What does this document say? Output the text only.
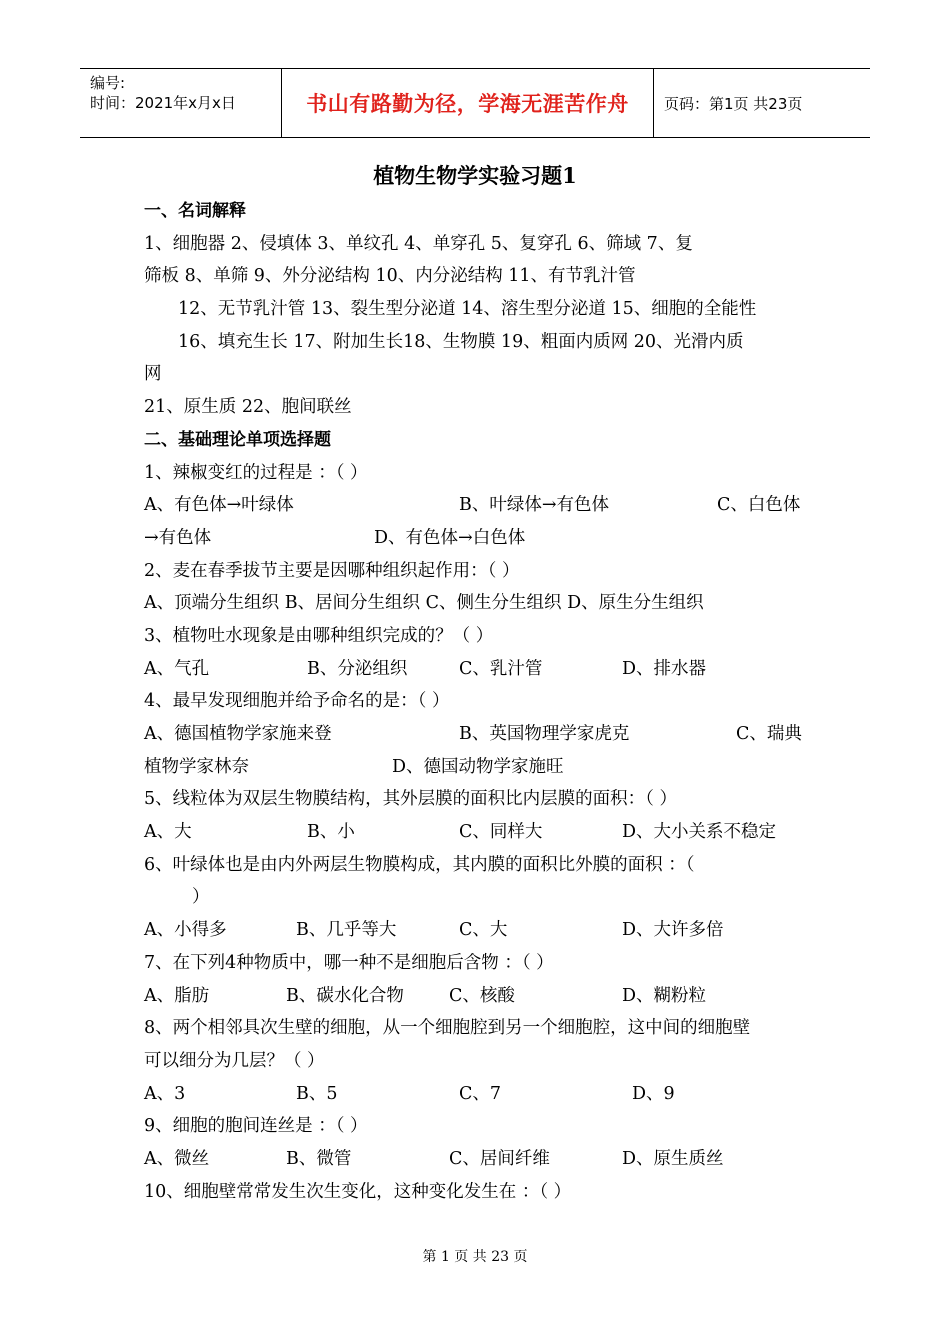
编号:
时间：2021年x月x日	书山有路勤为径，学海无涯苦作舟 页码：第1页 共23页
植物生物学实验习题1
一、名词解释
1、细胞器 2、侵填体 3、单纹孔 4、单穿孔 5、复穿孔 6、筛域 7、复
筛板 8、单筛 9、外分泌结构 10、内分泌结构 11、有节乳汁管
12、无节乳汁管 13、裂生型分泌道 14、溶生型分泌道 15、细胞的全能性
16、填充生长 17、附加生长18、生物膜 19、粗面内质网 20、光滑内质
网
21、原生质 22、胞间联丝
二、基础理论单项选择题
1、辣椒变红的过程是 ：（ ）
A、有色体→叶绿体	B、叶绿体→有色体	C、白色体
→有色体	D、有色体→白色体
2、麦在春季拔节主要是因哪种组织起作用：（ ）
A、顶端分生组织 B、居间分生组织 C、侧生分生组织 D、原生分生组织
3、植物吐水现象是由哪种组织完成的？（ ）
A、气孔	B、分泌组织	C、乳汁管	D、排水器
4、最早发现细胞并给予命名的是：（ ）
A、德国植物学家施来登	B、英国物理学家虎克	C、瑞典
植物学家林奈	D、德国动物学家施旺
5、线粒体为双层生物膜结构，其外层膜的面积比内层膜的面积：（ ）
A、大	B、小	C、同样大	D、大小关系不稳定
6、叶绿体也是由内外两层生物膜构成，其内膜的面积比外膜的面积 ：（
）
A、小得多	B、几乎等大	C、大	D、大许多倍
7、在下列4种物质中，哪一种不是细胞后含物 ：（ ）
A、脂肪	B、碳水化合物	C、核酸	D、糊粉粒
8、两个相邻具次生壁的细胞，从一个细胞腔到另一个细胞腔，这中间的细胞壁
可以细分为几层？（ ）
A、3	B、5	C、7	D、9
9、细胞的胞间连丝是 ：（ ）
A、微丝	B、微管	C、居间纤维	D、原生质丝
10、细胞壁常常发生次生变化，这种变化发生在 ：（ ）
第 1 页 共 23 页
